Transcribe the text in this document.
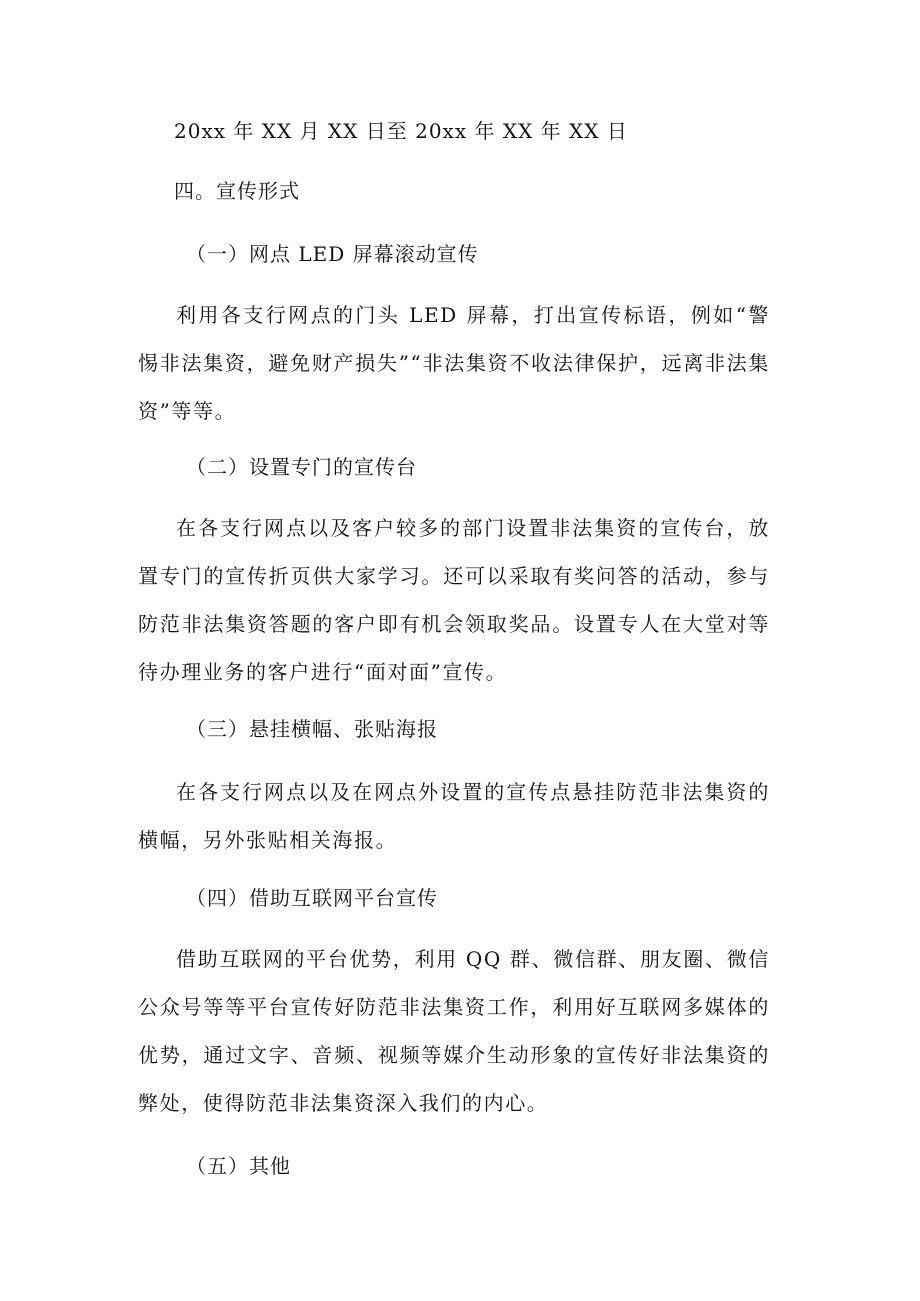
20xx 年 XX 月 XX 日至 20xx 年 XX 年 XX 日
四。宣传形式
（一）网点 LED 屏幕滚动宣传
利用各支行网点的门头 LED 屏幕，打出宣传标语，例如“警惕非法集资，避免财产损失”“非法集资不收法律保护，远离非法集资”等等。
（二）设置专门的宣传台
在各支行网点以及客户较多的部门设置非法集资的宣传台，放置专门的宣传折页供大家学习。还可以采取有奖问答的活动，参与防范非法集资答题的客户即有机会领取奖品。设置专人在大堂对等待办理业务的客户进行“面对面”宣传。
（三）悬挂横幅、张贴海报
在各支行网点以及在网点外设置的宣传点悬挂防范非法集资的横幅，另外张贴相关海报。
（四）借助互联网平台宣传
借助互联网的平台优势，利用 QQ 群、微信群、朋友圈、微信公众号等等平台宣传好防范非法集资工作，利用好互联网多媒体的优势，通过文字、音频、视频等媒介生动形象的宣传好非法集资的弊处，使得防范非法集资深入我们的内心。
（五）其他
